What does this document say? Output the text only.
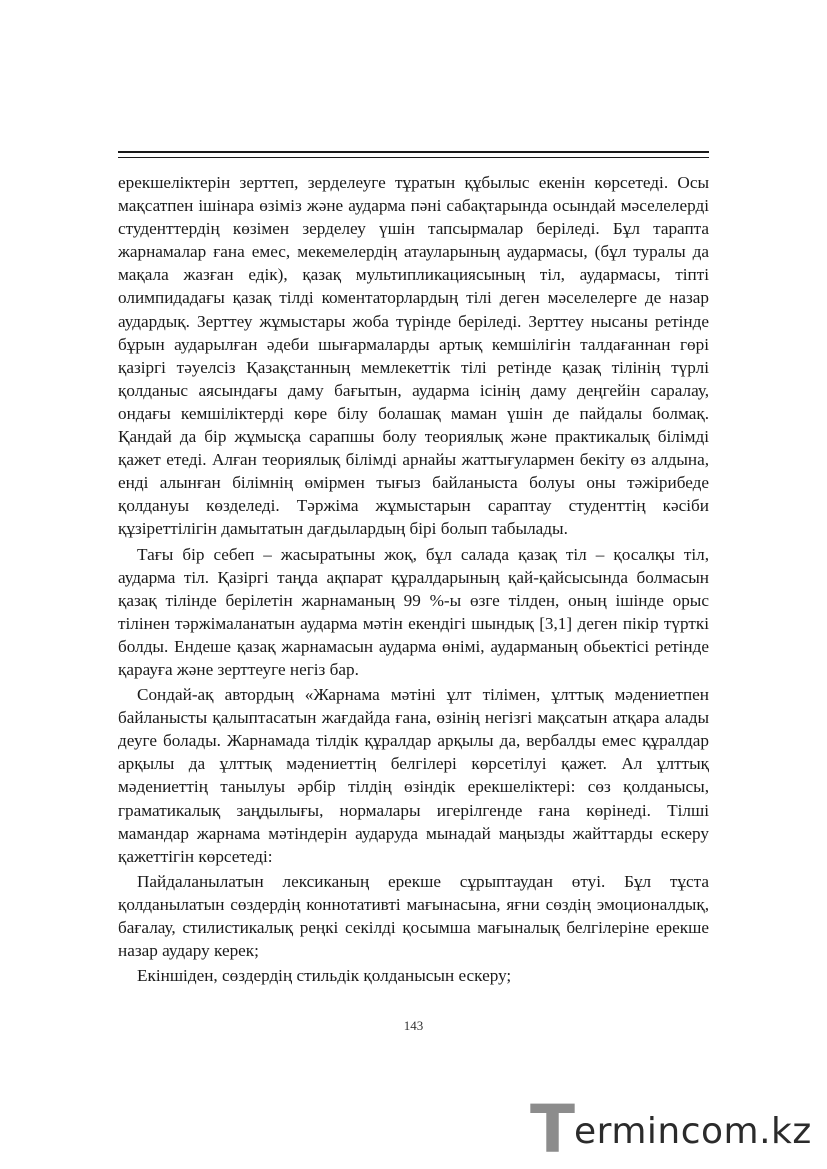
ерекшеліктерін зерттеп, зерделеуге тұратын құбылыс екенін көрсетеді. Осы мақсатпен ішінара өзіміз және аударма пәні сабақтарында осындай мәселелерді студенттердің көзімен зерделеу үшін тапсырмалар беріледі. Бұл тарапта жарнамалар ғана емес, мекемелердің атауларының аудармасы, (бұл туралы да мақала жазған едік), қазақ мультипликациясының тіл, аудармасы, тіпті олимпидадағы қазақ тілді коментаторлардың тілі деген мәселелерге де назар аудардық. Зерттеу жұмыстары жоба түрінде беріледі. Зерттеу нысаны ретінде бұрын аударылған әдеби шығармаларды артық кемшілігін талдағаннан гөрі қазіргі тәуелсіз Қазақстанның мемлекеттік тілі ретінде қазақ тілінің түрлі қолданыс аясындағы даму бағытын, аударма ісінің даму деңгейін саралау, ондағы кемшіліктерді көре білу болашақ маман үшін де пайдалы болмақ. Қандай да бір жұмысқа сарапшы болу теориялық және практикалық білімді қажет етеді. Алған теориялық білімді арнайы жаттығулармен бекіту өз алдына, енді алынған білімнің өмірмен тығыз байланыста болуы оны тәжірибеде қолдануы көзделеді. Тәржіма жұмыстарын сараптау студенттің кәсіби құзіреттілігін дамытатын дағдылардың бірі болып табылады.

Тағы бір себеп – жасыратыны жоқ, бұл салада қазақ тіл – қосалқы тіл, аударма тіл. Қазіргі таңда ақпарат құралдарының қай-қайсысында болмасын қазақ тілінде берілетін жарнаманың 99 %-ы өзге тілден, оның ішінде орыс тілінен тәржімаланатын аударма мәтін екендігі шындық [3,1] деген пікір түрткі болды. Ендеше қазақ жарнамасын аударма өнімі, аударманың обьектісі ретінде қарауға және зерттеуге негіз бар.

Сондай-ақ автордың «Жарнама мәтіні ұлт тілімен, ұлттық мәдениетпен байланысты қалыптасатын жағдайда ғана, өзінің негізгі мақсатын атқара алады деуге болады. Жарнамада тілдік құралдар арқылы да, вербалды емес құралдар арқылы да ұлттық мәдениеттің белгілері көрсетілуі қажет. Ал ұлттық мәдениеттің танылуы әрбір тілдің өзіндік ерекшеліктері: сөз қолданысы, граматикалық заңдылығы, нормалары игерілгенде ғана көрінеді. Тілші мамандар жарнама мәтіндерін аударуда мынадай маңызды жайттарды ескеру қажеттігін көрсетеді:

Пайдаланылатын лексиканың ерекше сұрыптаудан өтуі. Бұл тұста қолданылатын сөздердің коннотативті мағынасына, яғни сөздің эмоционалдық, бағалау, стилистикалық реңкі секілді қосымша мағыналық белгілеріне ерекше назар аудару керек;

Екіншіден, сөздердің стильдік қолданысын ескеру;

143
T
ermincom.kz
